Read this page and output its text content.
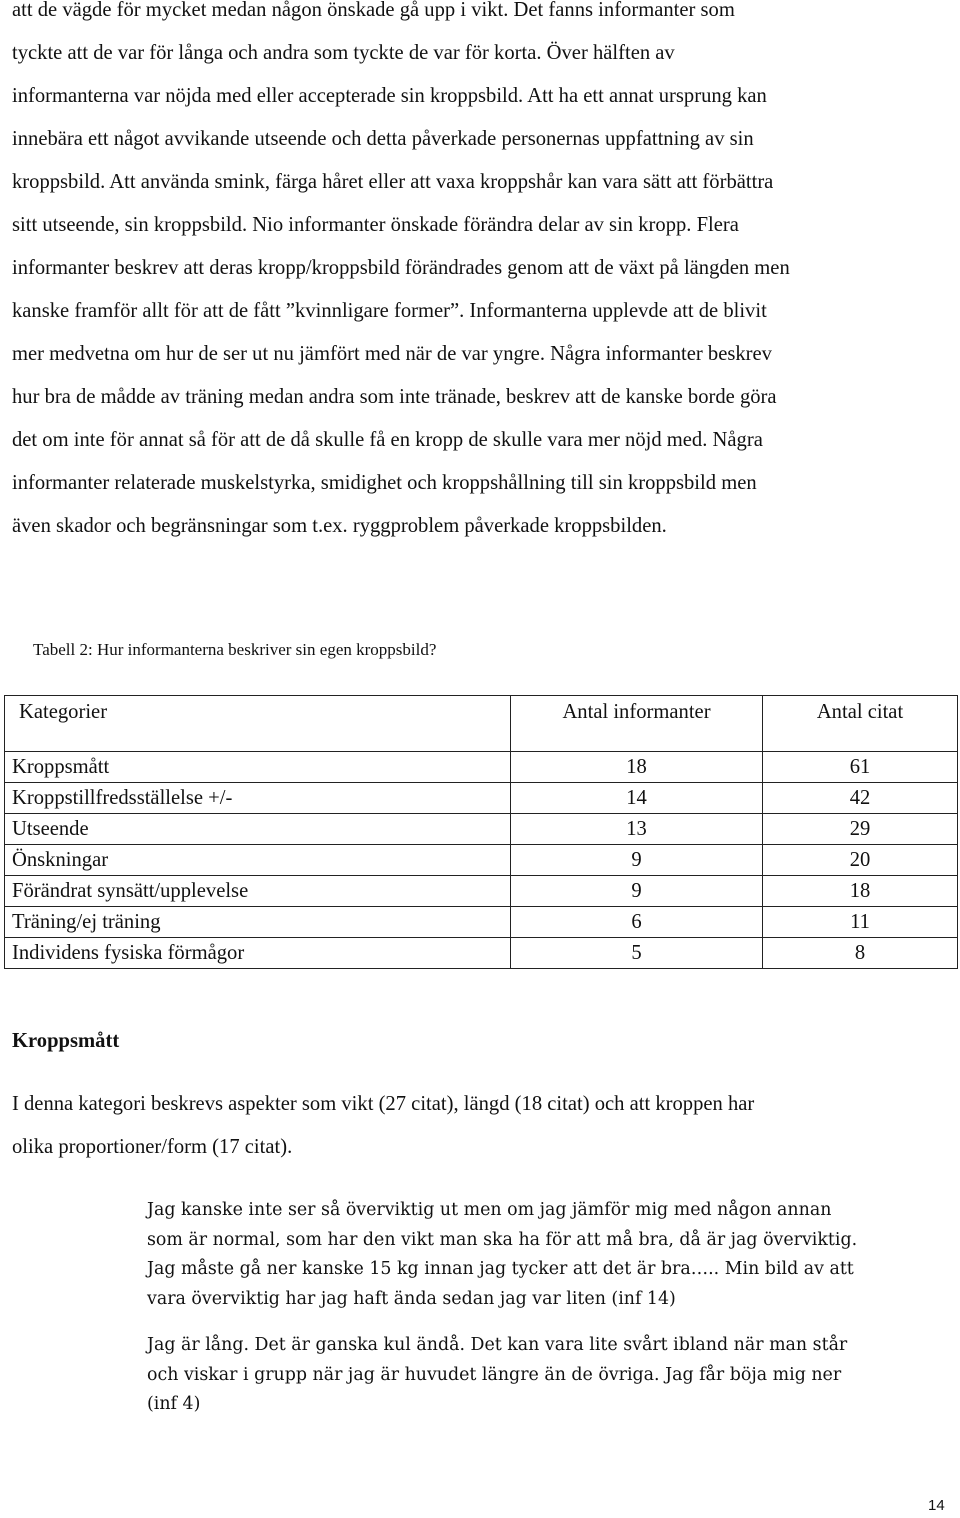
att de vägde för mycket medan någon önskade gå upp i vikt. Det fanns informanter som
tyckte att de var för långa och andra som tyckte de var för korta. Över hälften av
informanterna var nöjda med eller accepterade sin kroppsbild. Att ha ett annat ursprung kan
innebära ett något avvikande utseende och detta påverkade personernas uppfattning av sin
kroppsbild. Att använda smink, färga håret eller att vaxa kroppshår kan vara sätt att förbättra
sitt utseende, sin kroppsbild. Nio informanter önskade förändra delar av sin kropp. Flera
informanter beskrev att deras kropp/kroppsbild förändrades genom att de växt på längden men
kanske framför allt för att de fått ”kvinnligare former”. Informanterna upplevde att de blivit
mer medvetna om hur de ser ut nu jämfört med när de var yngre. Några informanter beskrev
hur bra de mådde av träning medan andra som inte tränade, beskrev att de kanske borde göra
det om inte för annat så för att de då skulle få en kropp de skulle vara mer nöjd med. Några
informanter relaterade muskelstyrka, smidighet och kroppshållning till sin kroppsbild men
även skador och begränsningar som t.ex. ryggproblem påverkade kroppsbilden.
Tabell 2: Hur informanterna beskriver sin egen kroppsbild?
Kategorier	Antal informanter	Antal citat
Kroppsmått	18	61
Kroppstillfredsställelse +/-	14	42
Utseende	13	29
Önskningar	9	20
Förändrat synsätt/upplevelse	9	18
Träning/ej träning	6	11
Individens fysiska förmågor	5	8
Kroppsmått
I denna kategori beskrevs aspekter som vikt (27 citat), längd (18 citat) och att kroppen har
olika proportioner/form (17 citat).
Jag kanske inte ser så överviktig ut men om jag jämför mig med någon annan
som är normal, som har den vikt man ska ha för att må bra, då är jag överviktig.
Jag måste gå ner kanske 15 kg innan jag tycker att det är bra….. Min bild av att
vara överviktig har jag haft ända sedan jag var liten (inf 14)
Jag är lång. Det är ganska kul ändå. Det kan vara lite svårt ibland när man står
och viskar i grupp när jag är huvudet längre än de övriga. Jag får böja mig ner
(inf 4)
14
